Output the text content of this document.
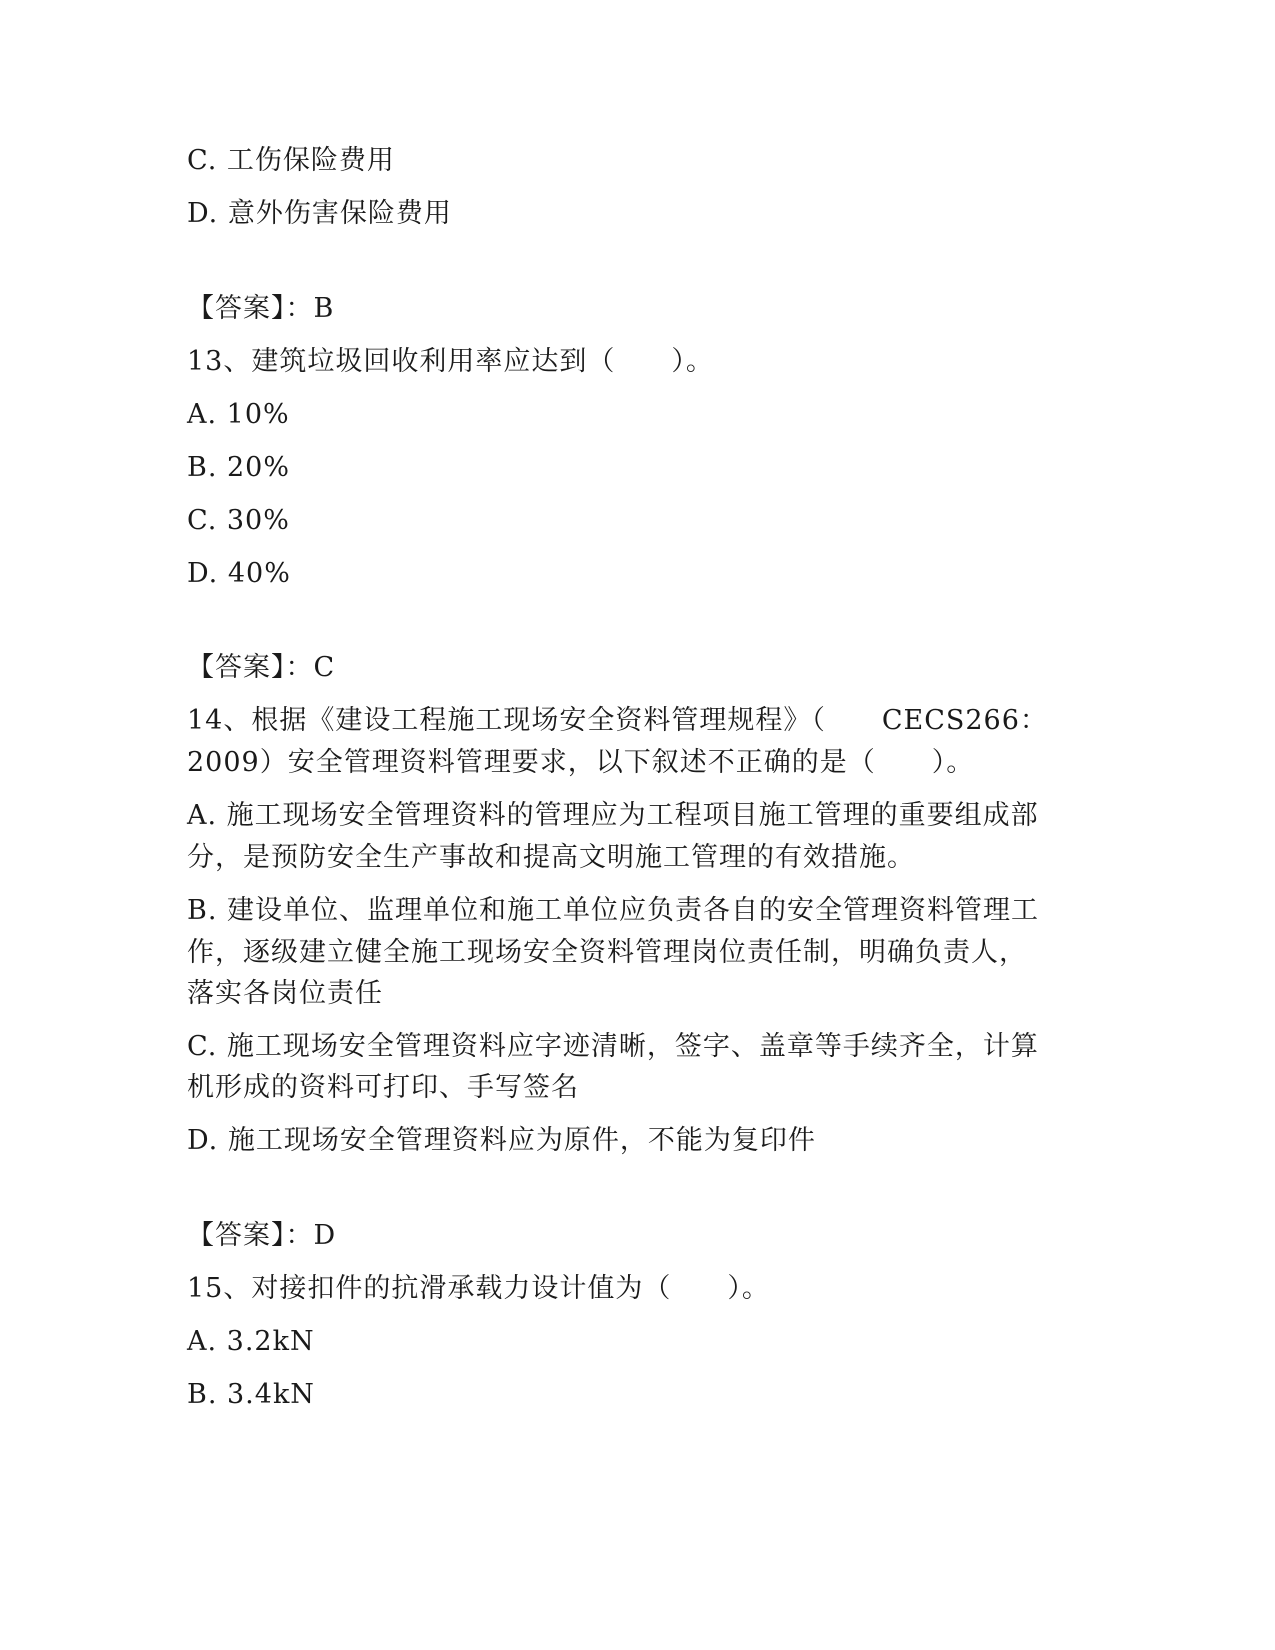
C. 工伤保险费用
D. 意外伤害保险费用
【答案】：B
13、建筑垃圾回收利用率应达到（　　）。
A. 10%
B. 20%
C. 30%
D. 40%
【答案】：C
14、根据《建设工程施工现场安全资料管理规程》（　　CECS266：
2009）安全管理资料管理要求，以下叙述不正确的是（　　）。
A. 施工现场安全管理资料的管理应为工程项目施工管理的重要组成部
分，是预防安全生产事故和提高文明施工管理的有效措施。
B. 建设单位、监理单位和施工单位应负责各自的安全管理资料管理工
作，逐级建立健全施工现场安全资料管理岗位责任制，明确负责人，
落实各岗位责任
C. 施工现场安全管理资料应字迹清晰，签字、盖章等手续齐全，计算
机形成的资料可打印、手写签名
D. 施工现场安全管理资料应为原件，不能为复印件
【答案】：D
15、对接扣件的抗滑承载力设计值为（　　）。
A. 3.2kN
B. 3.4kN
